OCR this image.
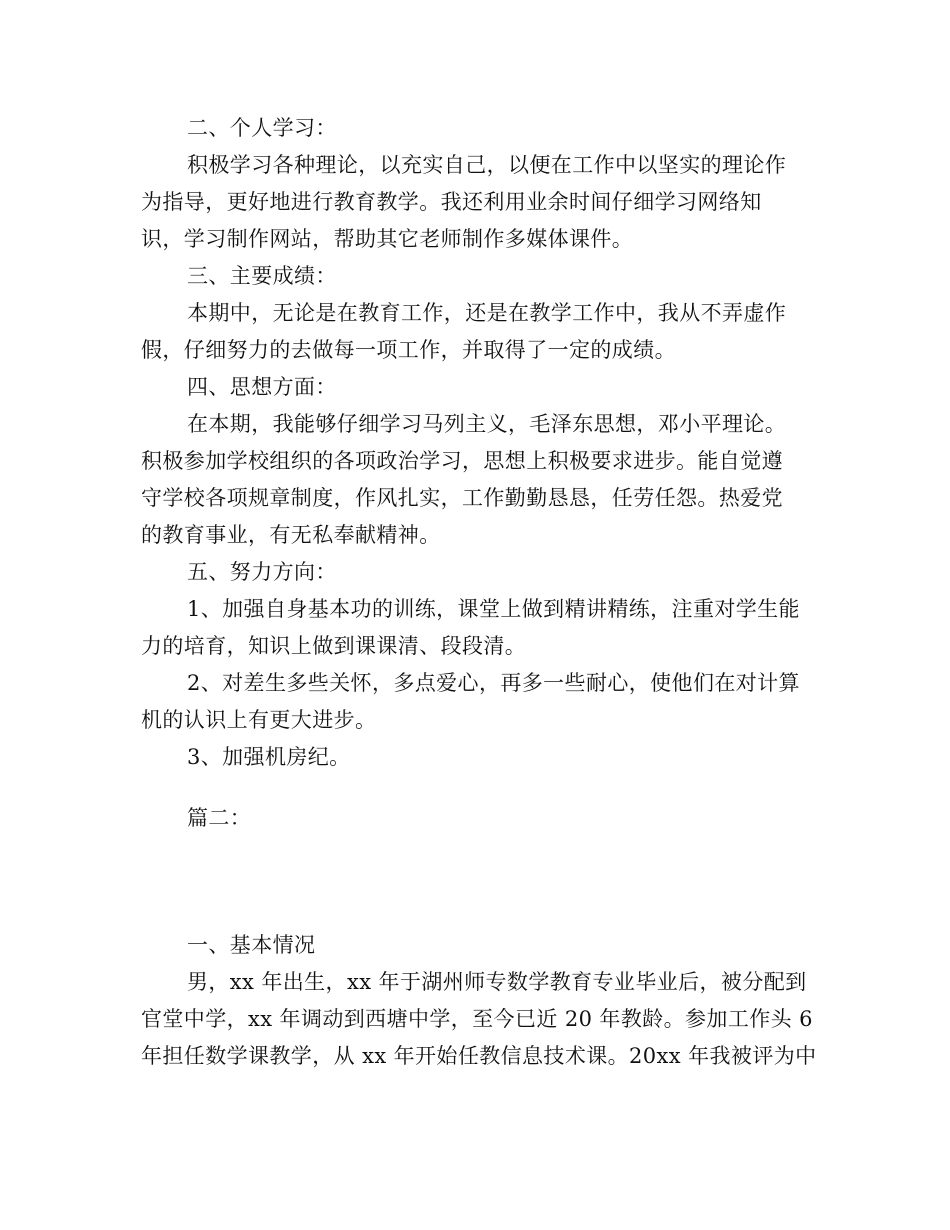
二、个人学习：
积极学习各种理论，以充实自己，以便在工作中以坚实的理论作
为指导，更好地进行教育教学。我还利用业余时间仔细学习网络知
识，学习制作网站，帮助其它老师制作多媒体课件。
三、主要成绩：
本期中，无论是在教育工作，还是在教学工作中，我从不弄虚作
假，仔细努力的去做每一项工作，并取得了一定的成绩。
四、思想方面：
在本期，我能够仔细学习马列主义，毛泽东思想，邓小平理论。
积极参加学校组织的各项政治学习，思想上积极要求进步。能自觉遵
守学校各项规章制度，作风扎实，工作勤勤恳恳，任劳任怨。热爱党
的教育事业，有无私奉献精神。
五、努力方向：
1、加强自身基本功的训练，课堂上做到精讲精练，注重对学生能
力的培育，知识上做到课课清、段段清。
2、对差生多些关怀，多点爱心，再多一些耐心，使他们在对计算
机的认识上有更大进步。
3、加强机房纪。
篇二：
一、基本情况
男，xx 年出生，xx 年于湖州师专数学教育专业毕业后，被分配到
官堂中学，xx 年调动到西塘中学，至今已近 20 年教龄。参加工作头 6
年担任数学课教学，从 xx 年开始任教信息技术课。20xx 年我被评为中
